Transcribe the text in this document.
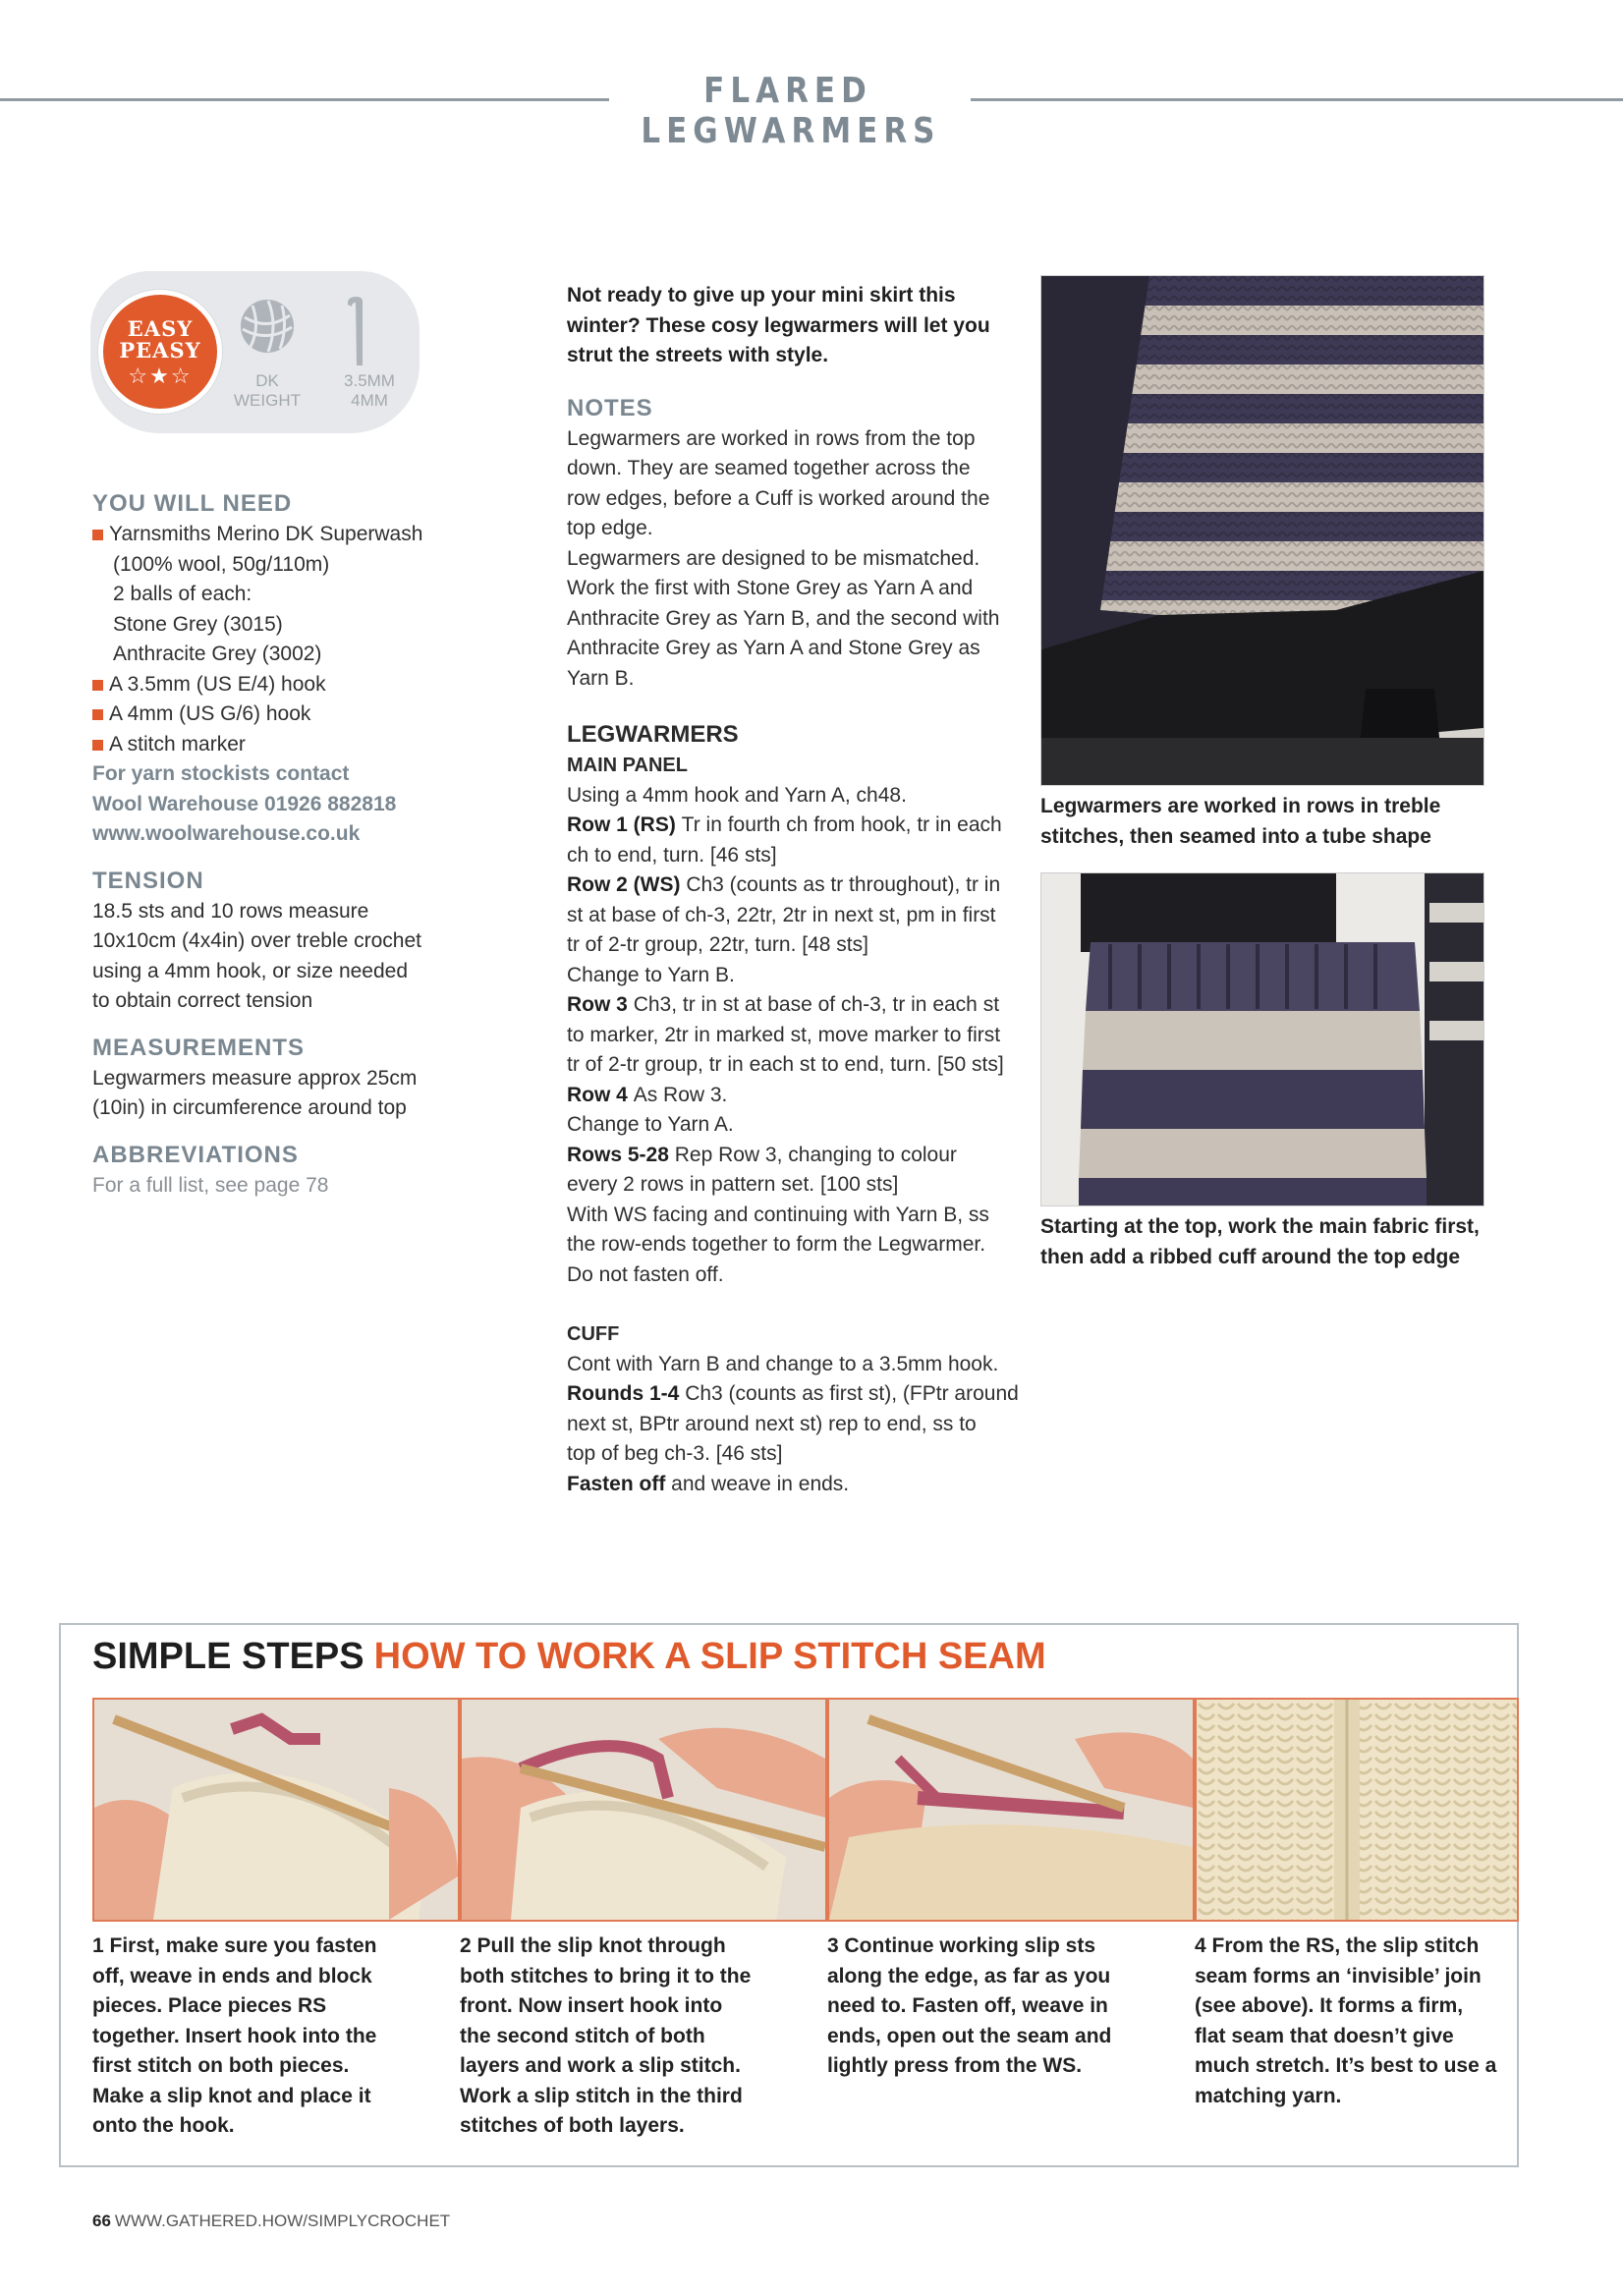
FLARED LEGWARMERS
EASY
PEASY
☆★☆	DK
WEIGHT
3.5MM
4MM
YOU WILL NEED
Yarnsmiths Merino DK Superwash
(100% wool, 50g/110m)
2 balls of each:
Stone Grey (3015)
Anthracite Grey (3002)
A 3.5mm (US E/4) hook
A 4mm (US G/6) hook
A stitch marker
For yarn stockists contact
Wool Warehouse 01926 882818
www.woolwarehouse.co.uk
TENSION
18.5 sts and 10 rows measure
10x10cm (4x4in) over treble crochet
using a 4mm hook, or size needed
to obtain correct tension
MEASUREMENTS
Legwarmers measure approx 25cm
(10in) in circumference around top
ABBREVIATIONS
For a full list, see page 78
Not ready to give up your mini skirt this
winter? These cosy legwarmers will let you
strut the streets with style.
NOTES
Legwarmers are worked in rows from the top
down. They are seamed together across the
row edges, before a Cuff is worked around the
top edge.
Legwarmers are designed to be mismatched.
Work the first with Stone Grey as Yarn A and
Anthracite Grey as Yarn B, and the second with
Anthracite Grey as Yarn A and Stone Grey as
Yarn B.
LEGWARMERS
MAIN PANEL
Using a 4mm hook and Yarn A, ch48.
Row 1 (RS) Tr in fourth ch from hook, tr in each
ch to end, turn. [46 sts]
Row 2 (WS) Ch3 (counts as tr throughout), tr in
st at base of ch-3, 22tr, 2tr in next st, pm in first
tr of 2-tr group, 22tr, turn. [48 sts]
Change to Yarn B.
Row 3 Ch3, tr in st at base of ch-3, tr in each st
to marker, 2tr in marked st, move marker to first
tr of 2-tr group, tr in each st to end, turn. [50 sts]
Row 4 As Row 3.
Change to Yarn A.
Rows 5-28 Rep Row 3, changing to colour
every 2 rows in pattern set. [100 sts]
With WS facing and continuing with Yarn B, ss
the row-ends together to form the Legwarmer.
Do not fasten off.
CUFF
Cont with Yarn B and change to a 3.5mm hook.
Rounds 1-4 Ch3 (counts as first st), (FPtr around
next st, BPtr around next st) rep to end, ss to
top of beg ch-3. [46 sts]
Fasten off and weave in ends.
Legwarmers are worked in rows in treble
stitches, then seamed into a tube shape
Starting at the top, work the main fabric first,
then add a ribbed cuff around the top edge
SIMPLE STEPS HOW TO WORK A SLIP STITCH SEAM
1 First, make sure you fasten
off, weave in ends and block
pieces. Place pieces RS
together. Insert hook into the
first stitch on both pieces.
Make a slip knot and place it
onto the hook.
2 Pull the slip knot through
both stitches to bring it to the
front. Now insert hook into
the second stitch of both
layers and work a slip stitch.
Work a slip stitch in the third
stitches of both layers.
3 Continue working slip sts
along the edge, as far as you
need to. Fasten off, weave in
ends, open out the seam and
lightly press from the WS.
4 From the RS, the slip stitch
seam forms an ‘invisible’ join
(see above). It forms a firm,
flat seam that doesn’t give
much stretch. It’s best to use a
matching yarn.
66 WWW.GATHERED.HOW/SIMPLYCROCHET
